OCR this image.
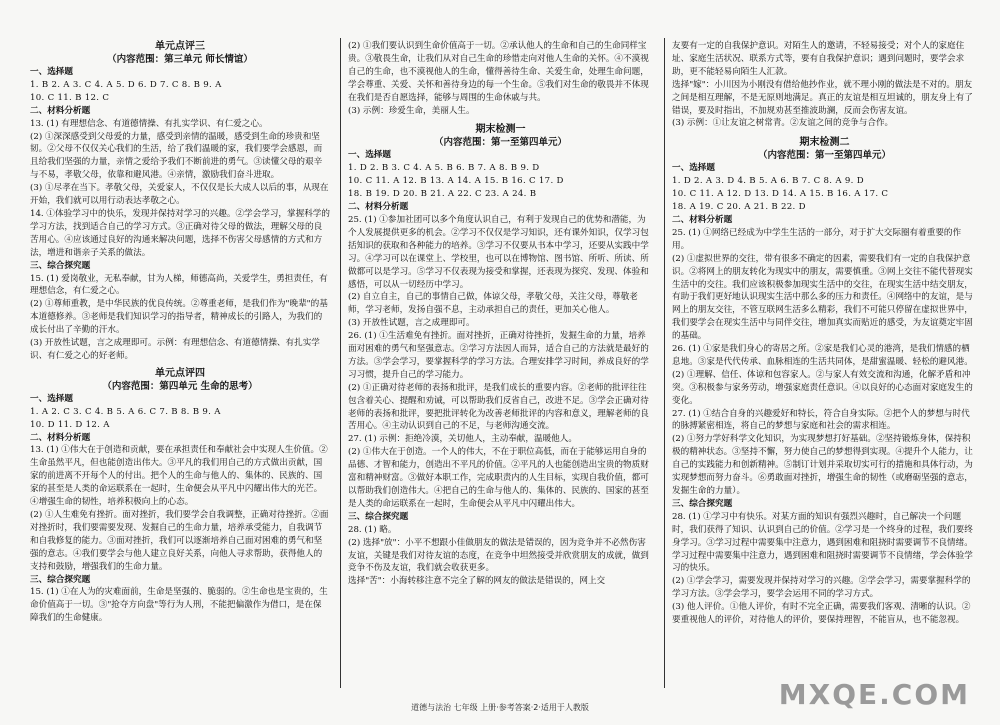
单元点评三
（内容范围：第三单元 师长情谊）
一、选择题
1. B 2. A 3. C 4. A 5. D 6. D 7. C 8. B 9. A
10. C 11. B 12. C
二、材料分析题
13. (1) 有理想信念、有道德情操、有扎实学识、有仁爱之心。
(2) ①深深感受到父母爱的力量，感受到亲情的温暖，感受到生命的珍贵和坚韧。②父母不仅仅关心我们的生活，给了我们温暖的家，我们要学会感恩，而且给我们坚强的力量，亲情之爱给予我们不断前进的勇气。③读懂父母的艰辛与不易，孝敬父母，依靠和避风港。④亲情，激励我们奋斗进取。
(3) ①尽孝在当下。孝敬父母，关爱家人，不仅仅是长大成人以后的事，从现在开始，我们就可以用行动表达孝敬之心。
14. ①体验学习中的快乐，发现并保持对学习的兴趣。②学会学习，掌握科学的学习方法，找到适合自己的学习方式。③正确对待父母的做法，理解父母的良苦用心。④应该通过良好的沟通来解决问题，选择不伤害父母感情的方式和方法，增进和谐亲子关系的做法。
三、综合探究题
15. (1) 爱岗敬业，无私奉献，甘为人梯，师德高尚，关爱学生，勇担责任，有理想信念，有仁爱之心。
(2) ①尊师重教，是中华民族的优良传统。②尊重老师，是我们作为"晚辈"的基本道德修养。③老师是我们知识学习的指导者，精神成长的引路人，为我们的成长付出了辛勤的汗水。
(3) 开放性试题，言之成理即可。示例：有理想信念、有道德情操、有扎实学识、有仁爱之心的好老师。
单元点评四
（内容范围：第四单元 生命的思考）
一、选择题
1. A 2. C 3. C 4. B 5. A 6. C 7. B 8. B 9. A
10. D 11. D 12. A
二、材料分析题
13. (1) ①伟大在于创造和贡献，要在承担责任和奉献社会中实现人生价值。②生命虽然平凡，但也能创造出伟大。③平凡的我们用自己的方式做出贡献，国家的前进离不开每个人的付出。把个人的生命与他人的、集体的、民族的、国家的甚至是人类的命运联系在一起时，生命便会从平凡中闪耀出伟大的光芒。④增强生命的韧性，培养积极向上的心态。
(2) ①人生难免有挫折。面对挫折，我们要学会自我调整，正确对待挫折。②面对挫折时，我们要需要发现、发掘自己的生命力量，培养承受能力，自我调节和自我修复的能力。③面对挫折，我们可以逐渐培养自己面对困难的勇气和坚强的意志。④我们要学会与他人建立良好关系，向他人寻求帮助，获得他人的支持和鼓励，增强我们的生命力量。
三、综合探究题
15. (1) ①在人为的灾难面前，生命是坚强的、脆弱的。②生命也是宝贵的，生命价值高于一切。③"抢夺方向盘"等行为人刑，不能把偏激作为借口，是在保障我们的生命健康。
(2) ①我们要认识到生命价值高于一切。②承认他人的生命和自己的生命同样宝贵。③敬畏生命，让我们从对自己生命的珍惜走向对他人生命的关怀。④不漠视自己的生命，也不漠视他人的生命，懂得善待生命、关爱生命，处理生命问题，学会尊重、关爱、关怀和善待身边的每一个生命。⑤我们对生命的敬畏并不体现在我们是否自愿选择，能够与周围的生命休戚与共。
(3) 示例：珍爱生命，美丽人生。
期末检测一
（内容范围：第一至第四单元）
一、选择题
1. D 2. B 3. C 4. A 5. B 6. B 7. A 8. B 9. D
10. C 11. A 12. B 13. A 14. A 15. B 16. C 17. D
18. B 19. D 20. B 21. A 22. C 23. A 24. B
二、材料分析题
25. (1) ①参加社团可以多个角度认识自己，有利于发现自己的优势和潜能，为个人发展提供更多的机会。②学习不仅仅是学习知识，还有课外知识，仅学习包括知识的获取和各种能力的培养。③学习不仅要从书本中学习，还要从实践中学习。④学习可以在课堂上、学校里，也可以在博物馆、图书馆、所听、所读、所做都可以是学习。⑤学习不仅表现为接受和掌握，还表现为探究、发现、体验和感悟，可以从一切经历中学习。
(2) 自立自主，自己的事情自己做，体谅父母，孝敬父母，关注父母，尊敬老师，学习老师，发扬自强不息，主动承担自己的责任，更加关心他人。
(3) 开放性试题，言之成理即可。
26. (1) ①生活难免有挫折。面对挫折，正确对待挫折，发掘生命的力量，培养面对困难的勇气和坚强意志。②学习方法因人而异，适合自己的方法就是最好的方法。③学会学习，要掌握科学的学习方法。合理安排学习时间，养成良好的学习习惯，提升自己的学习能力。
(2) ①正确对待老师的表扬和批评，是我们成长的重要内容。②老师的批评往往包含着关心、提醒和劝诫，可以帮助我们反省自己，改进不足。③学会正确对待老师的表扬和批评，要把批评转化为改善老师批评的内容和意义，理解老师的良苦用心。④主动认识到自己的不足，与老师沟通交流。
27. (1) 示例：拒绝冷漠，关切他人，主动奉献，温暖他人。
(2) ①伟大在于创造。一个人的伟大，不在于职位高低，而在于能够运用自身的品德、才智和能力，创造出不平凡的价值。②平凡的人也能创造出宝贵的物质财富和精神财富。③做好本职工作，完成职责内的人生目标，实现自我价值，都可以帮助我们创造伟大。④把自己的生命与他人的、集体的、民族的、国家的甚至是人类的命运联系在一起时，生命便会从平凡中闪耀出伟大。
三、综合探究题
28. (1) 略。
(2) 选择"放"：小平不想跟小佳做朋友的做法是错误的，因为竞争并不必然伤害友谊，关键是我们对待友谊的态度，在竞争中坦然接受并欣赏朋友的成就，做到竞争不伤及友谊，我们就会收获更多。
选择"苦"：小海转移注意不完全了解的网友的做法是错误的，网上交
友要有一定的自我保护意识。对陌生人的邀请，不轻易接受；对个人的家庭住址、家庭生活状况、联系方式等，要有自我保护意识；遇到问题时，要学会求助，更不能轻易向陌生人汇款。
选择"嫁"：小川因为小刚没有借给他抄作业，就不理小刚的做法是不对的。朋友之间是相互理解，不是无原则地满足。真正的友谊是相互坦诚的，朋友身上有了错误，要及时指出，不加规劝甚至推波助澜，反而会伤害友谊。
(3) 示例：①让友谊之树常青。②友谊之间的竞争与合作。
期末检测二
（内容范围：第一至第四单元）
一、选择题
1. D 2. A 3. D 4. B 5. A 6. B 7. C 8. A 9. D
10. C 11. A 12. D 13. D 14. A 15. B 16. A 17. C
18. A 19. C 20. A 21. B 22. D
二、材料分析题
25. (1) ①网络已经成为中学生生活的一部分，对于扩大交际圈有着重要的作用。
(2) ①虚拟世界的交往，带有很多不确定的因素，需要我们有一定的自我保护意识。②将网上的朋友转化为现实中的朋友，需要慎重。③网上交往不能代替现实生活中的交往。我们应该积极参加现实生活中的交往，在现实生活中结交朋友，有助于我们更好地认识现实生活中那么多的压力和责任。④网络中的友谊，是与网上的朋友交往，不管互联网生活多么精彩，我们不可能只停留在虚拟世界中，我们要学会在现实生活中与同伴交往，增加真实而贴近的感受，为友谊奠定牢固的基础。
26. (1) ①家是我们身心的寄居之所。②家是我们心灵的港湾，是我们情感的栖息地。③家是代代传承、血脉相连的生活共同体，是甜蜜温暖、轻松的避风港。
(2) ①理解、信任、体谅和包容家人。②与家人有效交流和沟通，化解矛盾和冲突。③积极参与家务劳动，增强家庭责任意识。④以良好的心态面对家庭发生的变化。
27. (1) ①结合自身的兴趣爱好和特长，符合自身实际。②把个人的梦想与时代的脉搏紧密相连，将自己的梦想与家庭和社会的需求相连。
(2) ①努力学好科学文化知识，为实现梦想打好基础。②坚持锻炼身体，保持积极的精神状态。③坚持不懈，努力使自己的梦想得到实现。④提升个人能力，让自己的实践能力和创新精神。⑤制订计划并采取切实可行的措施和具体行动，为实现梦想而努力奋斗。⑥勇敢面对挫折，增强生命的韧性（或磨砺坚强的意志，发掘生命的力量）。
三、综合探究题
28. (1) ①学习中有快乐。对某方面的知识有强烈兴趣时，自己解决一个问题时，我们获得了知识、认识到自己的价值。②学习是一个终身的过程，我们要终身学习。③学习过程中需要集中注意力，遇到困难和阻挠时需要调节不良情绪。学习过程中需要集中注意力，遇到困难和阻挠时需要调节不良情绪，学会体验学习的快乐。
(2) ①学会学习，需要发现并保持对学习的兴趣。②学会学习，需要掌握科学的学习方法。③学会学习，要学会运用不同的学习方式。
(3) 他人评价。①他人评价，有时不完全正确，需要我们客观、清晰的认识。②要重视他人的评价，对待他人的评价，要保持理智，不能盲从，也不能忽视。
道德与法治 七年级 上册·参考答案·2·适用于人教版	MXQE.COM
